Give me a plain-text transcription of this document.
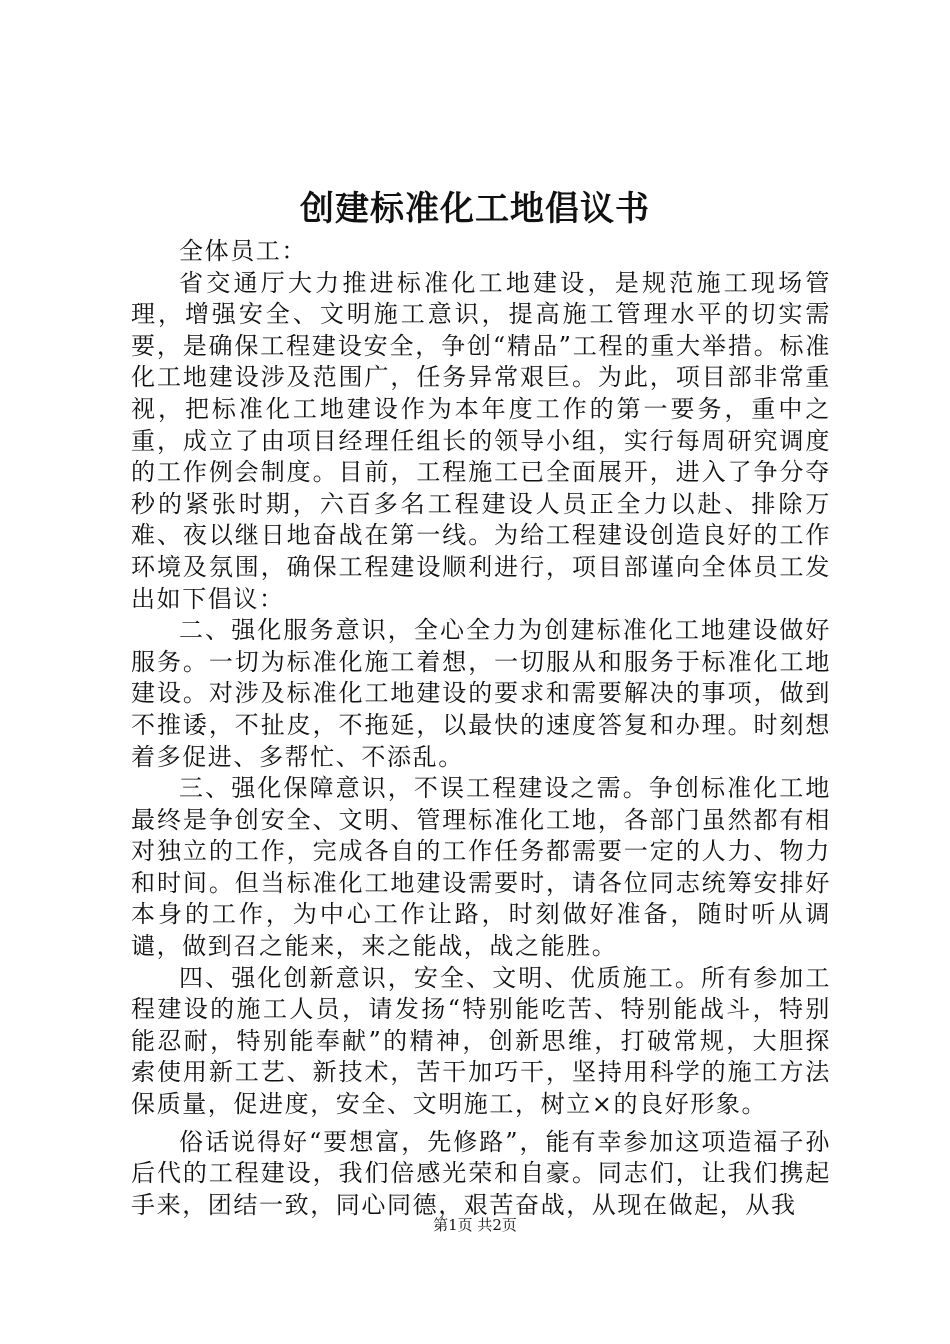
创建标准化工地倡议书

全体员工：

省交通厅大力推进标准化工地建设，是规范施工现场管理，增强安全、文明施工意识，提高施工管理水平的切实需要，是确保工程建设安全，争创“精品”工程的重大举措。标准化工地建设涉及范围广，任务异常艰巨。为此，项目部非常重视，把标准化工地建设作为本年度工作的第一要务，重中之重，成立了由项目经理任组长的领导小组，实行每周研究调度的工作例会制度。目前，工程施工已全面展开，进入了争分夺秒的紧张时期，六百多名工程建设人员正全力以赴、排除万难、夜以继日地奋战在第一线。为给工程建设创造良好的工作环境及氛围，确保工程建设顺利进行，项目部谨向全体员工发出如下倡议：

二、强化服务意识，全心全力为创建标准化工地建设做好服务。一切为标准化施工着想，一切服从和服务于标准化工地建设。对涉及标准化工地建设的要求和需要解决的事项，做到不推诿，不扯皮，不拖延，以最快的速度答复和办理。时刻想着多促进、多帮忙、不添乱。

三、强化保障意识，不误工程建设之需。争创标准化工地最终是争创安全、文明、管理标准化工地，各部门虽然都有相对独立的工作，完成各自的工作任务都需要一定的人力、物力和时间。但当标准化工地建设需要时，请各位同志统筹安排好本身的工作，为中心工作让路，时刻做好准备，随时听从调谴，做到召之能来，来之能战，战之能胜。

四、强化创新意识，安全、文明、优质施工。所有参加工程建设的施工人员，请发扬“特别能吃苦、特别能战斗，特别能忍耐，特别能奉献”的精神，创新思维，打破常规，大胆探索使用新工艺、新技术，苦干加巧干，坚持用科学的施工方法保质量，促进度，安全、文明施工，树立×的良好形象。

俗话说得好“要想富，先修路”，能有幸参加这项造福子孙后代的工程建设，我们倍感光荣和自豪。同志们，让我们携起手来，团结一致，同心同德，艰苦奋战，从现在做起，从我

第1页 共2页
